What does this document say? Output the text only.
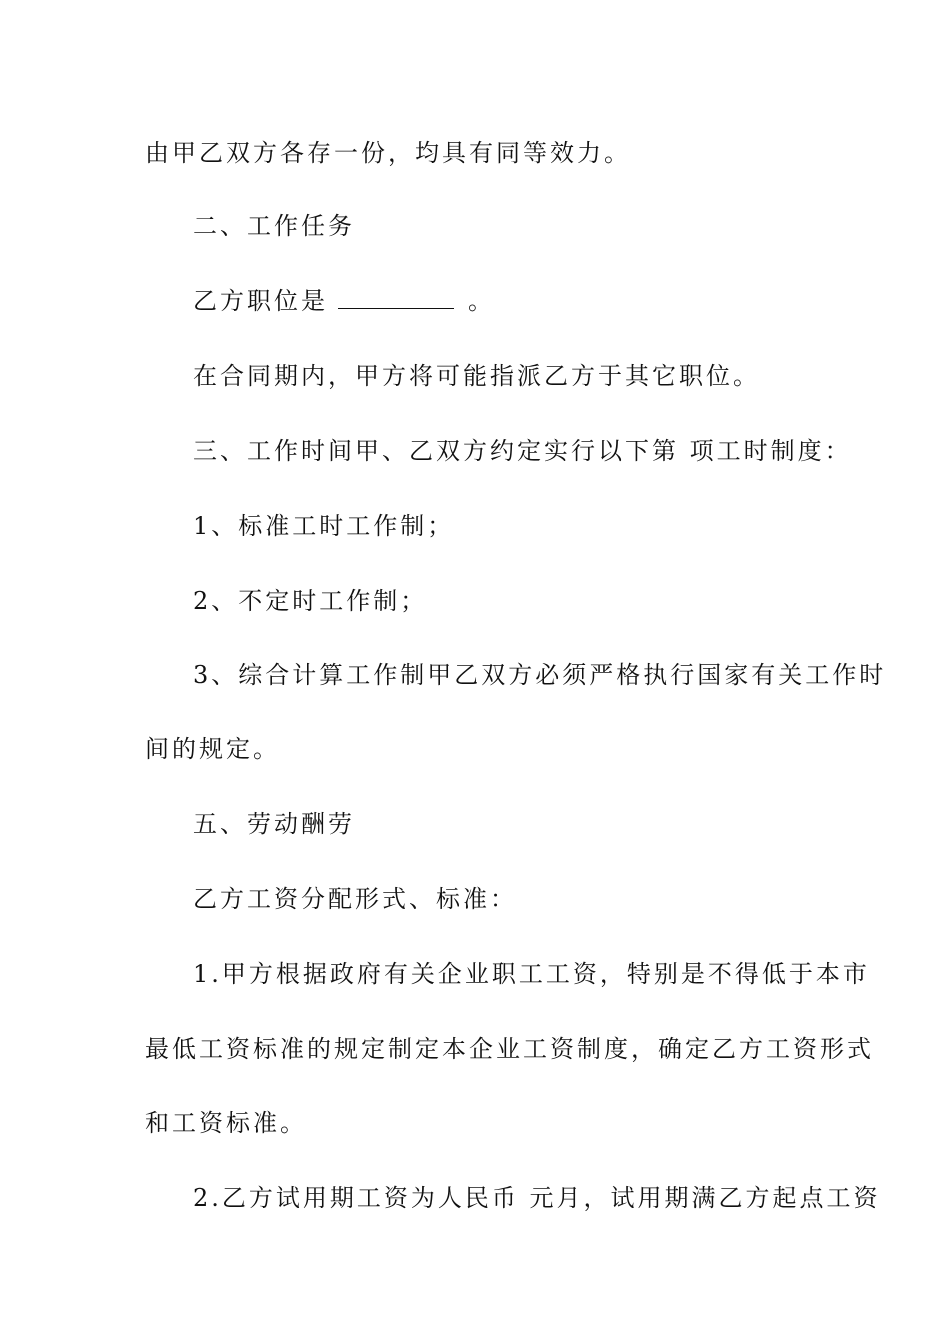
由甲乙双方各存一份，均具有同等效力。
二、工作任务
乙方职位是	。
在合同期内，甲方将可能指派乙方于其它职位。
三、工作时间甲、乙双方约定实行以下第 项工时制度：
1、标准工时工作制；
2、不定时工作制；
3、综合计算工作制甲乙双方必须严格执行国家有关工作时
间的规定。
五、劳动酬劳
乙方工资分配形式、标准：
1.甲方根据政府有关企业职工工资，特别是不得低于本市
最低工资标准的规定制定本企业工资制度，确定乙方工资形式
和工资标准。
2.乙方试用期工资为人民币 元月，试用期满乙方起点工资
